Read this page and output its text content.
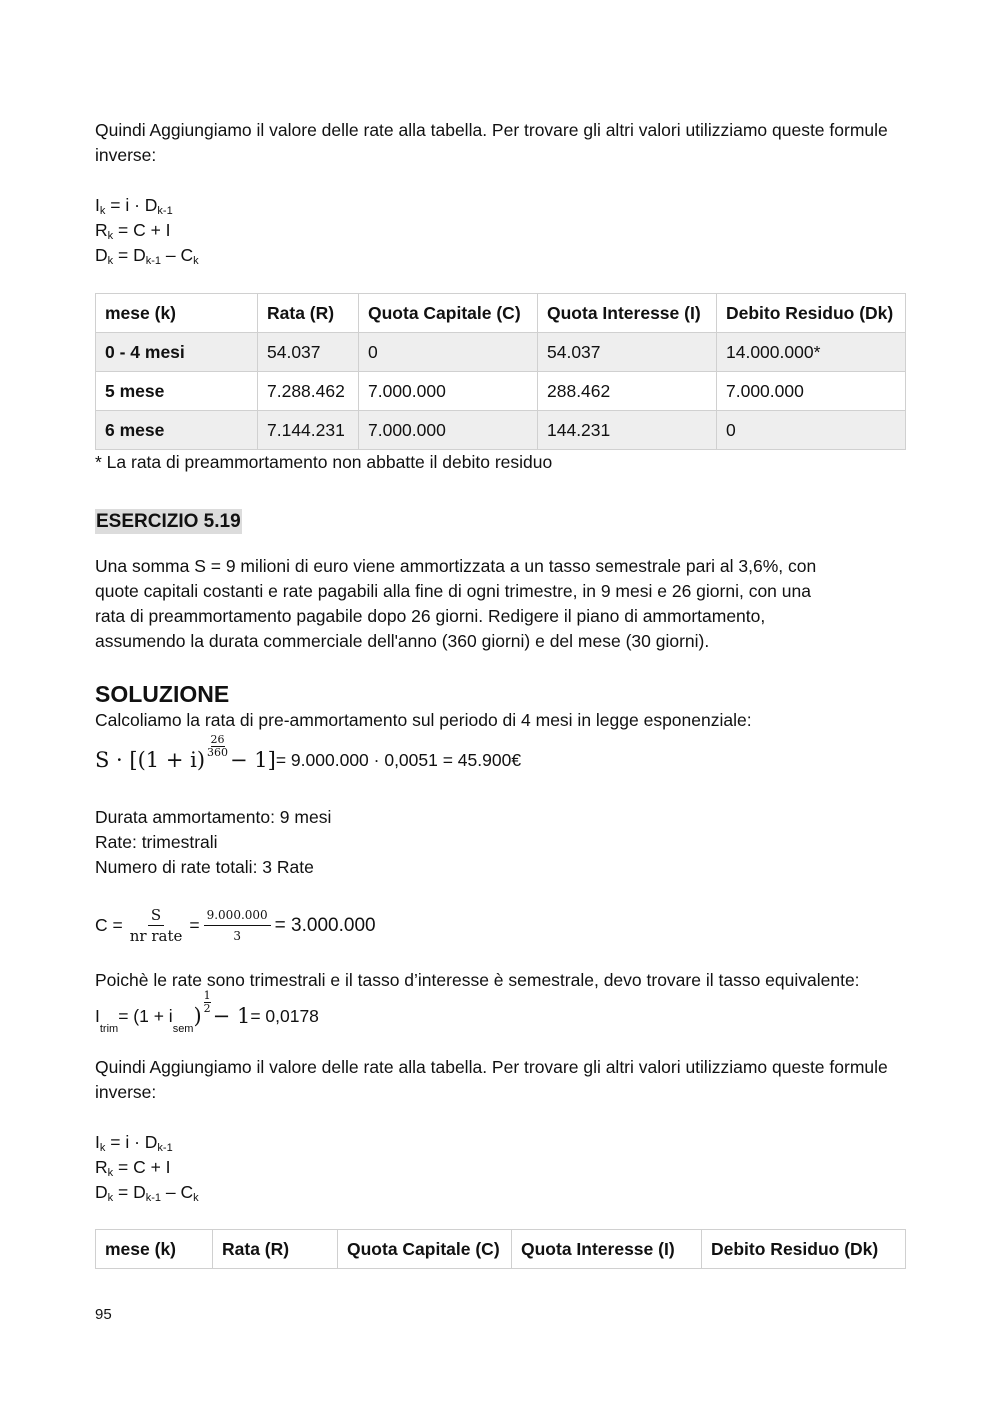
Quindi Aggiungiamo il valore delle rate alla tabella. Per trovare gli altri valori utilizziamo queste formule inverse:

$I_k = i \cdot D_{k-1}$
$R_k = C + I$
$D_k = D_{k-1} - C_k$
mese (k)	Rata (R)	Quota Capitale (C)	Quota Interesse (I)	Debito Residuo (Dk)
0 - 4 mesi	54.037	0	54.037	14.000.000*
5 mese	7.288.462	7.000.000	288.462	7.000.000
6 mese	7.144.231	7.000.000	144.231	0

* La rata di preammortamento non abbatte il debito residuo

ESERCIZIO 5.19

Una somma S = 9 milioni di euro viene ammortizzata a un tasso semestrale pari al 3,6%, con quote capitali costanti e rate pagabili alla fine di ogni trimestre, in 9 mesi e 26 giorni, con una rata di preammortamento pagabile dopo 26 giorni. Redigere il piano di ammortamento, assumendo la durata commerciale dell'anno (360 giorni) e del mese (30 giorni).

SOLUZIONE

Calcoliamo la rata di pre-ammortamento sul periodo di 4 mesi in legge esponenziale:

S · [(1 + i)
26
360 − 1] = 9.000.000 · 0,0051 = 45.900€

Durata ammortamento: 9 mesi

Rate: trimestrali

Numero di rate totali: 3 Rate

$C = \frac{S}{\text{nr rate}} = \frac{9.000.000}{3} = 3.000.000$

Poichè le rate sono trimestrali e il tasso d’interesse è semestrale, devo trovare il tasso equivalente:

I
trim
= (1 + i
sem
)
1
2 − 1 = 0,0178

Quindi Aggiungiamo il valore delle rate alla tabella. Per trovare gli altri valori utilizziamo queste formule inverse:

$I_k = i \cdot D_{k-1}$
$R_k = C + I$
$D_k = D_{k-1} - C_k$
mese (k)	Rata (R)	Quota Capitale (C)	Quota Interesse (I)	Debito Residuo (Dk)
95
